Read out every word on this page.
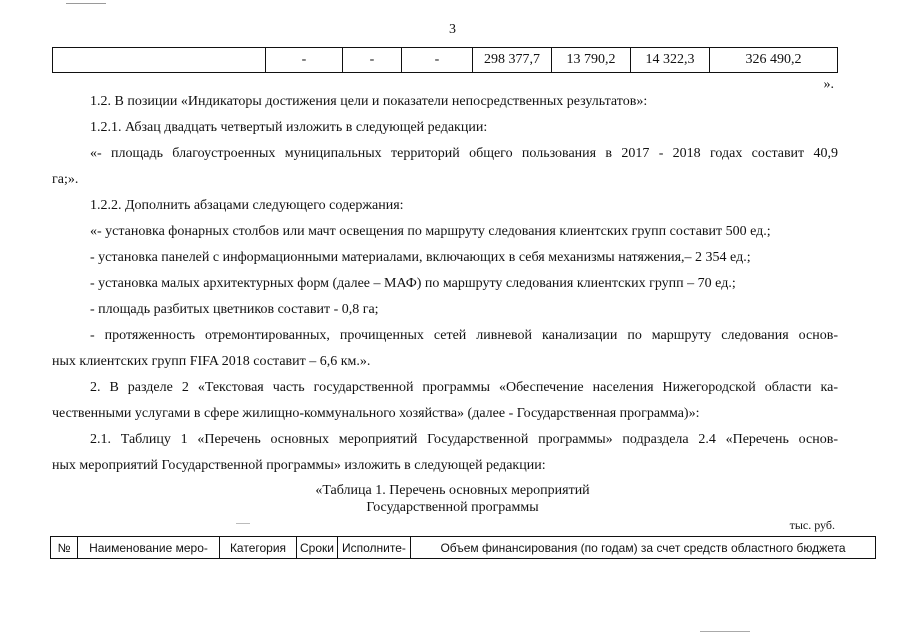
3
	-	-	-	298 377,7	13 790,2	14 322,3	326 490,2
».
1.2. В позиции «Индикаторы достижения цели и показатели непосредственных результатов»:
1.2.1. Абзац двадцать четвертый изложить в следующей редакции:
«- площадь благоустроенных муниципальных территорий общего пользования в 2017 - 2018 годах составит 40,9
га;».
1.2.2. Дополнить абзацами следующего содержания:
«- установка фонарных столбов или мачт освещения по маршруту следования клиентских групп составит 500 ед.;
- установка панелей с информационными материалами, включающих в себя механизмы натяжения,– 2 354 ед.;
- установка малых архитектурных форм (далее – МАФ) по маршруту следования клиентских групп – 70 ед.;
- площадь разбитых цветников составит - 0,8 га;
- протяженность отремонтированных, прочищенных сетей ливневой канализации по маршруту следования основ-
ных клиентских групп FIFA 2018 составит – 6,6 км.».
2. В разделе 2 «Текстовая часть государственной программы «Обеспечение населения Нижегородской области ка-
чественными услугами в сфере жилищно-коммунального хозяйства» (далее - Государственная программа)»:
2.1. Таблицу 1 «Перечень основных мероприятий Государственной программы» подраздела 2.4 «Перечень основ-
ных мероприятий Государственной программы» изложить в следующей редакции:
«Таблица 1. Перечень основных мероприятий
Государственной программы
тыс. руб.
№	Наименование меро-	Категория	Сроки	Исполните-	Объем финансирования (по годам) за счет средств областного бюджета
